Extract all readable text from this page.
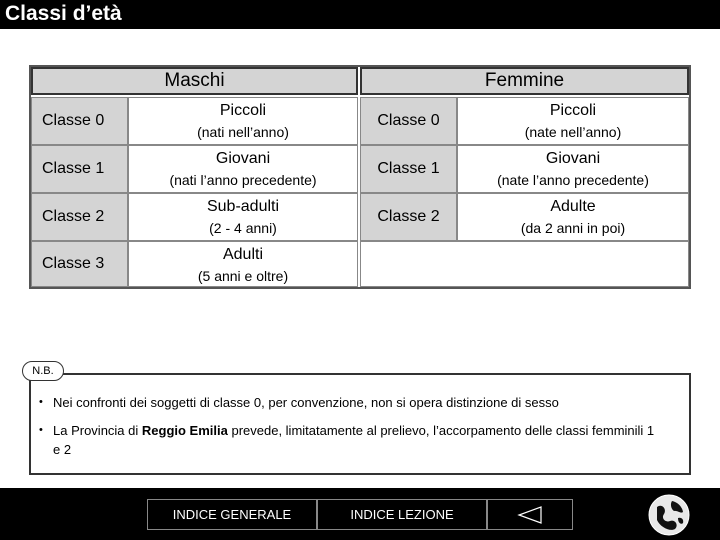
Classi d’età
Maschi	Femmine
Classe 0
Piccoli
(nati nell’anno)
Classe 1
Giovani
(nati l’anno precedente)
Classe 2
Sub-adulti
(2 - 4 anni)
Classe 3
Adulti
(5 anni e oltre)
Classe 0
Piccoli
(nate nell’anno)
Classe 1
Giovani
(nate l’anno precedente)
Classe 2
Adulte
(da 2 anni in poi)
• Nei confronti dei soggetti di classe 0, per convenzione, non si opera distinzione di sesso
• La Provincia di Reggio Emilia prevede, limitatamente al prelievo, l’accorpamento delle classi femminili 1 e 2
N.B.
INDICE GENERALE	INDICE LEZIONE
